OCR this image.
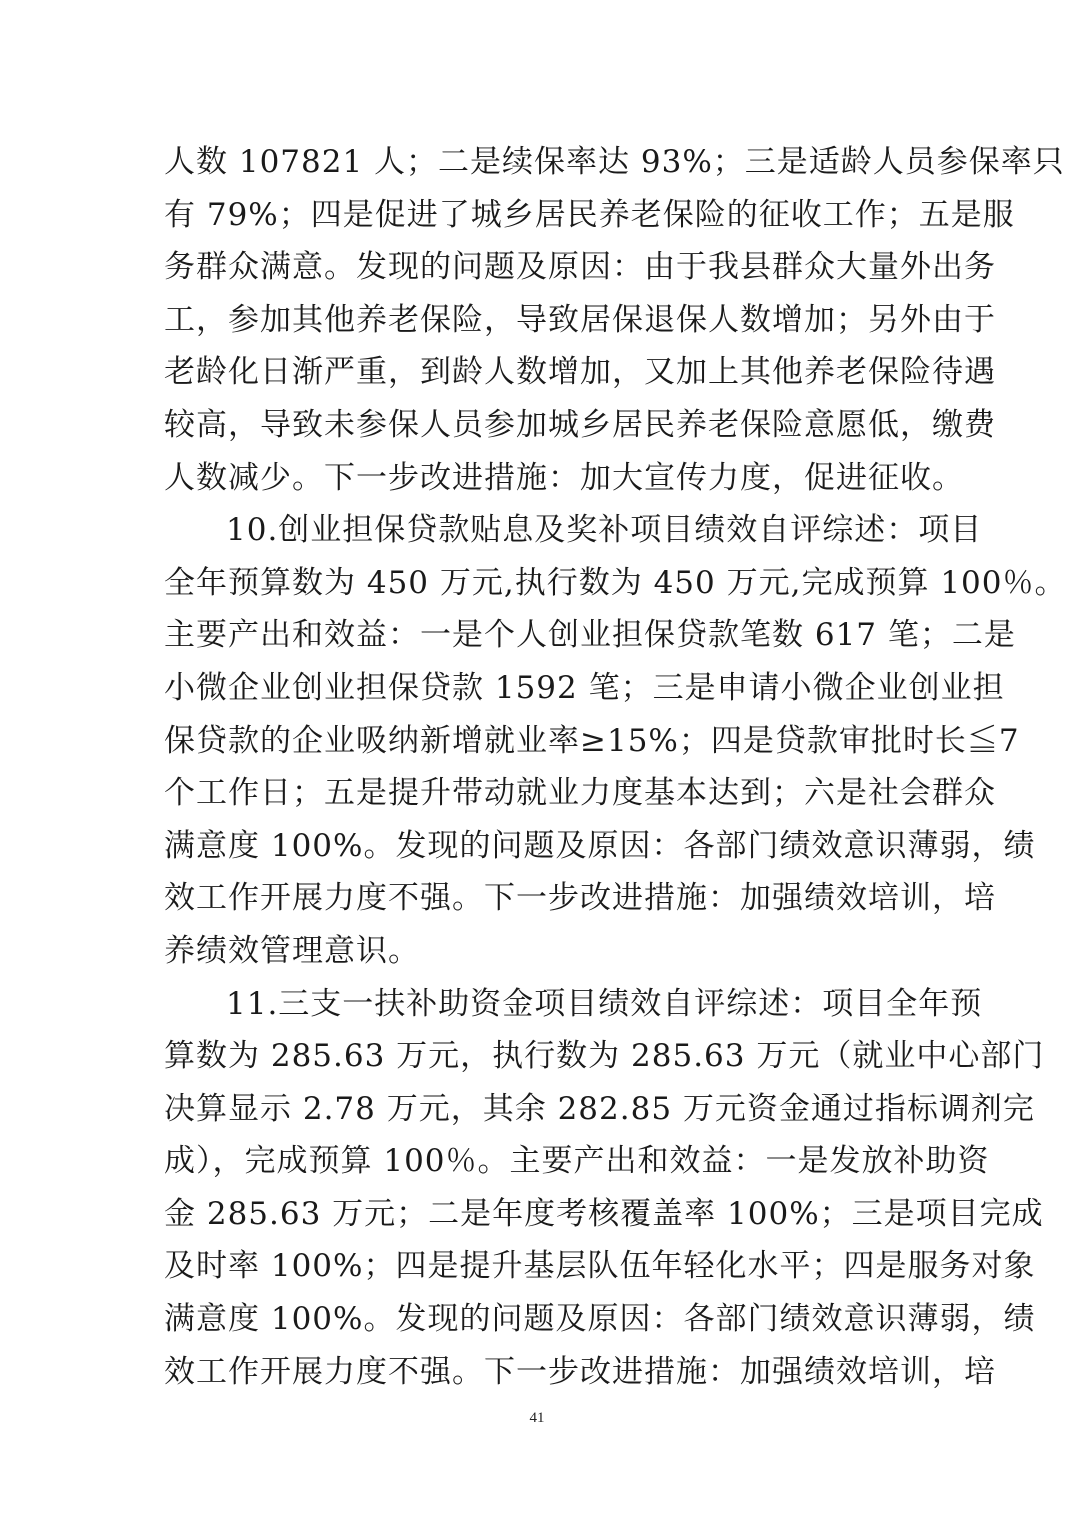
人数 107821 人；二是续保率达 93%；三是适龄人员参保率只
有 79%；四是促进了城乡居民养老保险的征收工作；五是服
务群众满意。发现的问题及原因：由于我县群众大量外出务
工，参加其他养老保险，导致居保退保人数增加；另外由于
老龄化日渐严重，到龄人数增加，又加上其他养老保险待遇
较高，导致未参保人员参加城乡居民养老保险意愿低，缴费
人数减少。下一步改进措施：加大宣传力度，促进征收。
10.创业担保贷款贴息及奖补项目绩效自评综述：项目
全年预算数为 450 万元,执行数为 450 万元,完成预算 100％。
主要产出和效益：一是个人创业担保贷款笔数 617 笔；二是
小微企业创业担保贷款 1592 笔；三是申请小微企业创业担
保贷款的企业吸纳新增就业率≥15%；四是贷款审批时长≦7
个工作日；五是提升带动就业力度基本达到；六是社会群众
满意度 100%。发现的问题及原因：各部门绩效意识薄弱，绩
效工作开展力度不强。下一步改进措施：加强绩效培训，培
养绩效管理意识。
11.三支一扶补助资金项目绩效自评综述：项目全年预
算数为 285.63 万元，执行数为 285.63 万元（就业中心部门
决算显示 2.78 万元，其余 282.85 万元资金通过指标调剂完
成），完成预算 100％。主要产出和效益：一是发放补助资
金 285.63 万元；二是年度考核覆盖率 100%；三是项目完成
及时率 100%；四是提升基层队伍年轻化水平；四是服务对象
满意度 100%。发现的问题及原因：各部门绩效意识薄弱，绩
效工作开展力度不强。下一步改进措施：加强绩效培训，培
41
